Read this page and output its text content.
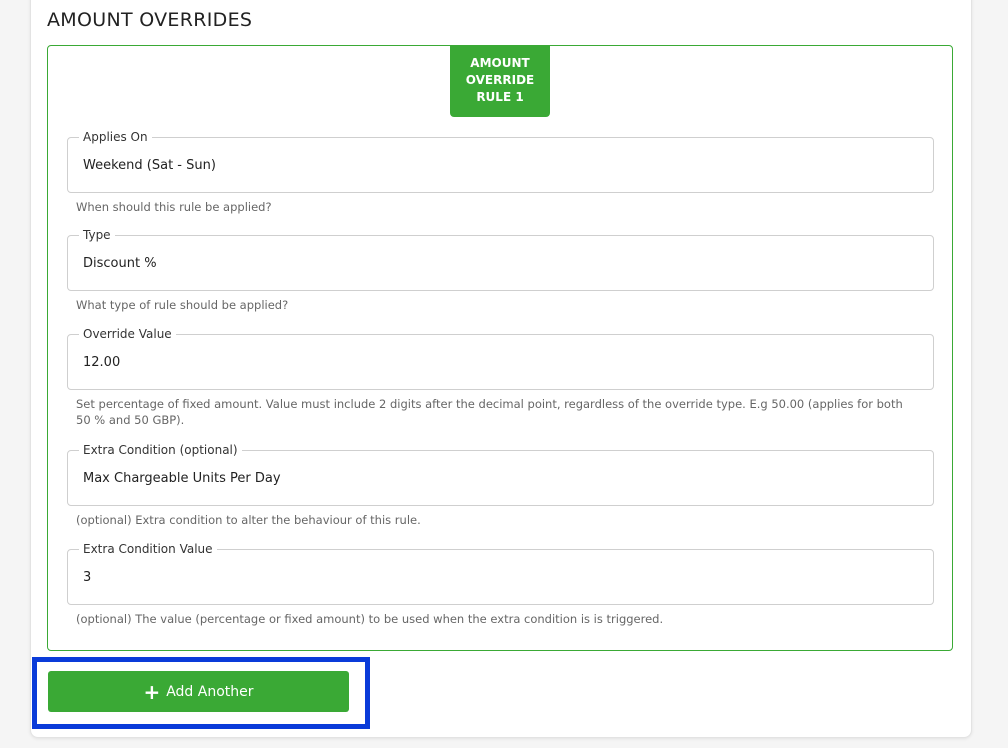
AMOUNT OVERRIDES
AMOUNT OVERRIDE RULE 1
Applies On
Weekend (Sat - Sun)
When should this rule be applied?
Type
Discount %
What type of rule should be applied?
Override Value
12.00
Set percentage of fixed amount. Value must include 2 digits after the decimal point, regardless of the override type. E.g 50.00 (applies for both 50 % and 50 GBP).
Extra Condition (optional)
Max Chargeable Units Per Day
(optional) Extra condition to alter the behaviour of this rule.
Extra Condition Value
3
(optional) The value (percentage or fixed amount) to be used when the extra condition is is triggered.
+ Add Another
